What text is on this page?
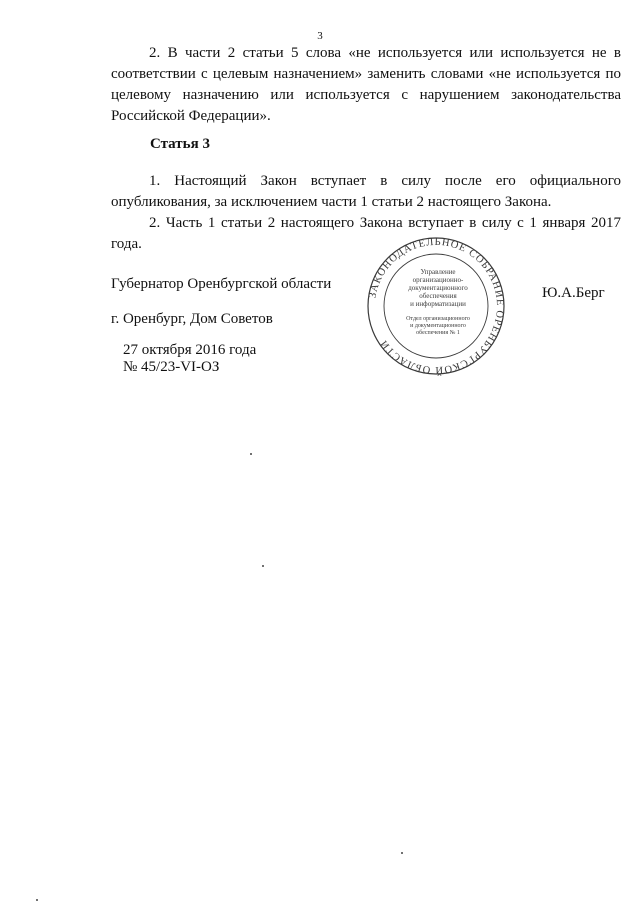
3

2. В части 2 статьи 5 слова «не используется или используется не в соответствии с целевым назначением» заменить словами «не используется по целевому назначению или используется с нарушением законодательства Российской Федерации».

Статья 3

1. Настоящий Закон вступает в силу после его официального опубликования, за исключением части 1 статьи 2 настоящего Закона.

2. Часть 1 статьи 2 настоящего Закона вступает в силу с 1 января 2017 года.

Губернатор Оренбургской области
Ю.А.Берг
г. Оренбург, Дом Советов
27 октября 2016 года
№ 45/23-VI-ОЗ
ЗАКОНОДАТЕЛЬНОЕ СОБРАНИЕ ОРЕНБУРГСКОЙ ОБЛАСТИ
Управление
организационно-
документационного
обеспечения
и информатизации
Отдел организационного
и документационного
обеспечения № 1
